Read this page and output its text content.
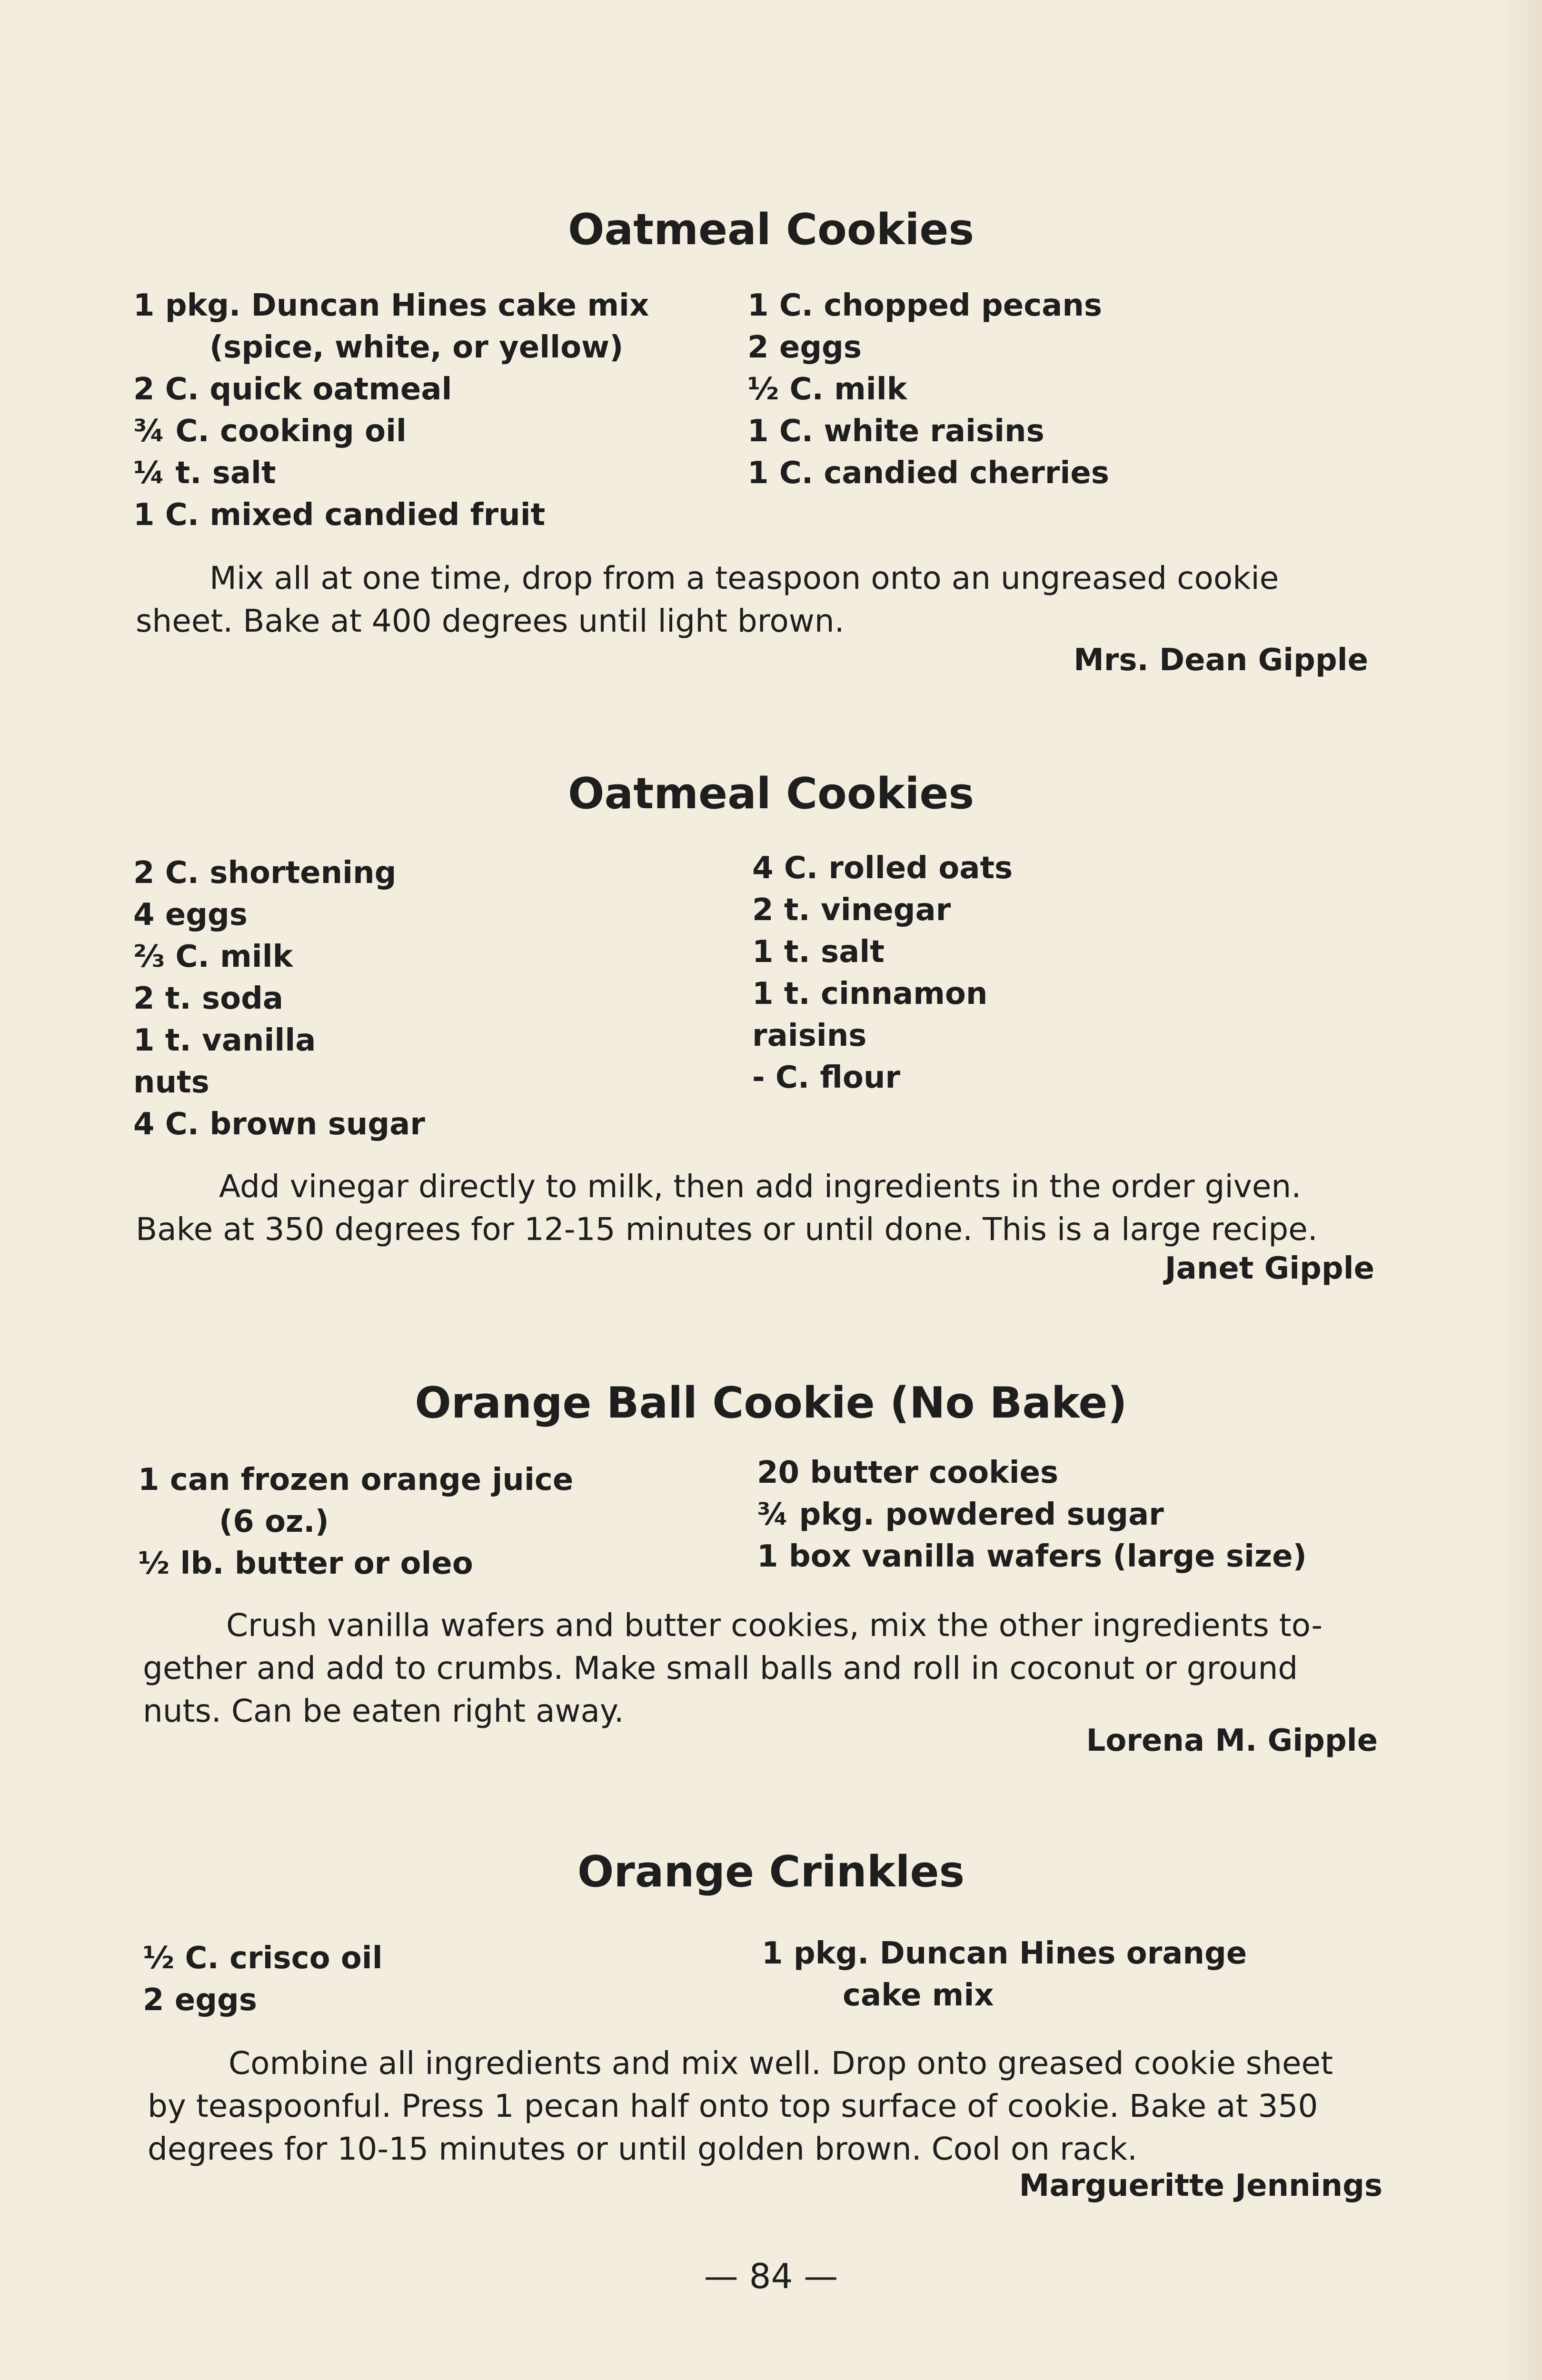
Oatmeal Cookies
1 pkg. Duncan Hines cake mix
(spice, white, or yellow)
2 C. quick oatmeal
¾ C. cooking oil
¼ t. salt
1 C. mixed candied fruit
1 C. chopped pecans
2 eggs
½ C. milk
1 C. white raisins
1 C. candied cherries
Mix all at one time, drop from a teaspoon onto an ungreased cookie
sheet. Bake at 400 degrees until light brown.
Mrs. Dean Gipple
Oatmeal Cookies
2 C. shortening
4 eggs
⅔ C. milk
2 t. soda
1 t. vanilla
nuts
4 C. brown sugar
4 C. rolled oats
2 t. vinegar
1 t. salt
1 t. cinnamon
raisins
- C. flour
Add vinegar directly to milk, then add ingredients in the order given.
Bake at 350 degrees for 12-15 minutes or until done. This is a large recipe.
Janet Gipple
Orange Ball Cookie (No Bake)
1 can frozen orange juice
(6 oz.)
½ lb. butter or oleo
20 butter cookies
¾ pkg. powdered sugar
1 box vanilla wafers (large size)
Crush vanilla wafers and butter cookies, mix the other ingredients to-
gether and add to crumbs. Make small balls and roll in coconut or ground
nuts. Can be eaten right away.
Lorena M. Gipple
Orange Crinkles
½ C. crisco oil
2 eggs
1 pkg. Duncan Hines orange
cake mix
Combine all ingredients and mix well. Drop onto greased cookie sheet
by teaspoonful. Press 1 pecan half onto top surface of cookie. Bake at 350
degrees for 10-15 minutes or until golden brown. Cool on rack.
Margueritte Jennings
— 84 —
